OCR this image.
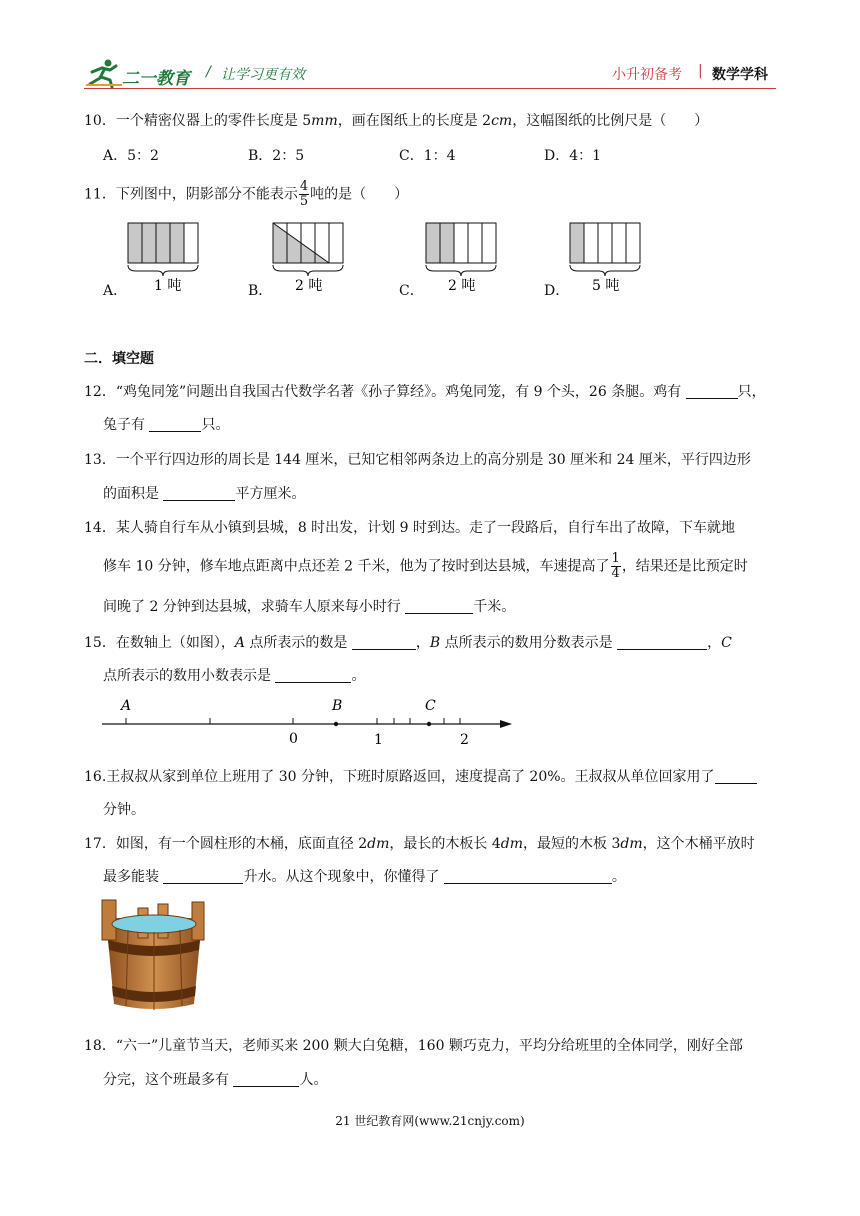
二一教育 / 让学习更有效	小升初备考 | 数学学科
10．一个精密仪器上的零件长度是 5mm，画在图纸上的长度是 2cm，这幅图纸的比例尺是（　　）
A．5：2	B．2：5	C．1：4	D．4：1
11．下列图中，阴影部分不能表示 $\frac{4}{5}$ 吨的是（　　）
A．	B．	C．	D．
1 吨	2 吨	2 吨	5 吨
二．填空题
12．“鸡兔同笼”问题出自我国古代数学名著《孙子算经》。鸡兔同笼，有 9 个头，26 条腿。鸡有	只，
兔子有	只。
13．一个平行四边形的周长是 144 厘米，已知它相邻两条边上的高分别是 30 厘米和 24 厘米，平行四边形
的面积是	平方厘米。
14．某人骑自行车从小镇到县城，8 时出发，计划 9 时到达。走了一段路后，自行车出了故障，下车就地
修车 10 分钟，修车地点距离中点还差 2 千米，他为了按时到达县城，车速提高了 $\frac{1}{4}$ ，结果还是比预定时
间晚了 2 分钟到达县城，求骑车人原来每小时行	千米。
15．在数轴上（如图），A 点所表示的数是	，B 点所表示的数用分数表示是	，C
点所表示的数用小数表示是	。
A	B	C
0	1	2
16.王叔叔从家到单位上班用了 30 分钟，下班时原路返回，速度提高了 20%。王叔叔从单位回家用了
分钟。
17．如图，有一个圆柱形的木桶，底面直径 2dm，最长的木板长 4dm，最短的木板 3dm，这个木桶平放时
最多能装	升水。从这个现象中，你懂得了	。
18．“六一”儿童节当天，老师买来 200 颗大白兔糖，160 颗巧克力，平均分给班里的全体同学，刚好全部
分完，这个班最多有	人。
21 世纪教育网(www.21cnjy.com)
